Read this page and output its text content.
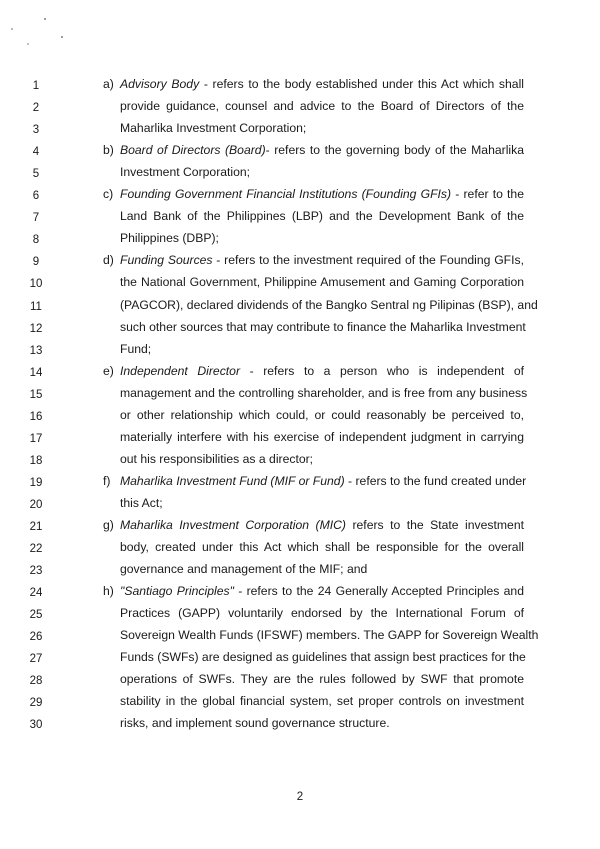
1
2
3
4
5
6
7
8
9
10
11
12
13
14
15
16
17
18
19
20
21
22
23
24
25
26
27
28
29
30
a) Advisory Body - refers to the body established under this Act which shall
provide guidance, counsel and advice to the Board of Directors of the
Maharlika Investment Corporation;
b) Board of Directors (Board)- refers to the governing body of the Maharlika
Investment Corporation;
c) Founding Government Financial Institutions (Founding GFIs) - refer to the
Land Bank of the Philippines (LBP) and the Development Bank of the
Philippines (DBP);
d) Funding Sources - refers to the investment required of the Founding GFIs,
the National Government, Philippine Amusement and Gaming Corporation
(PAGCOR), declared dividends of the Bangko Sentral ng Pilipinas (BSP), and
such other sources that may contribute to finance the Maharlika Investment
Fund;
e) Independent Director - refers to a person who is independent of
management and the controlling shareholder, and is free from any business
or other relationship which could, or could reasonably be perceived to,
materially interfere with his exercise of independent judgment in carrying
out his responsibilities as a director;
f) Maharlika Investment Fund (MIF or Fund) - refers to the fund created under
this Act;
g) Maharlika Investment Corporation (MIC) refers to the State investment
body, created under this Act which shall be responsible for the overall
governance and management of the MIF; and
h) "Santiago Principles" - refers to the 24 Generally Accepted Principles and
Practices (GAPP) voluntarily endorsed by the International Forum of
Sovereign Wealth Funds (IFSWF) members. The GAPP for Sovereign Wealth
Funds (SWFs) are designed as guidelines that assign best practices for the
operations of SWFs. They are the rules followed by SWF that promote
stability in the global financial system, set proper controls on investment
risks, and implement sound governance structure.
2
